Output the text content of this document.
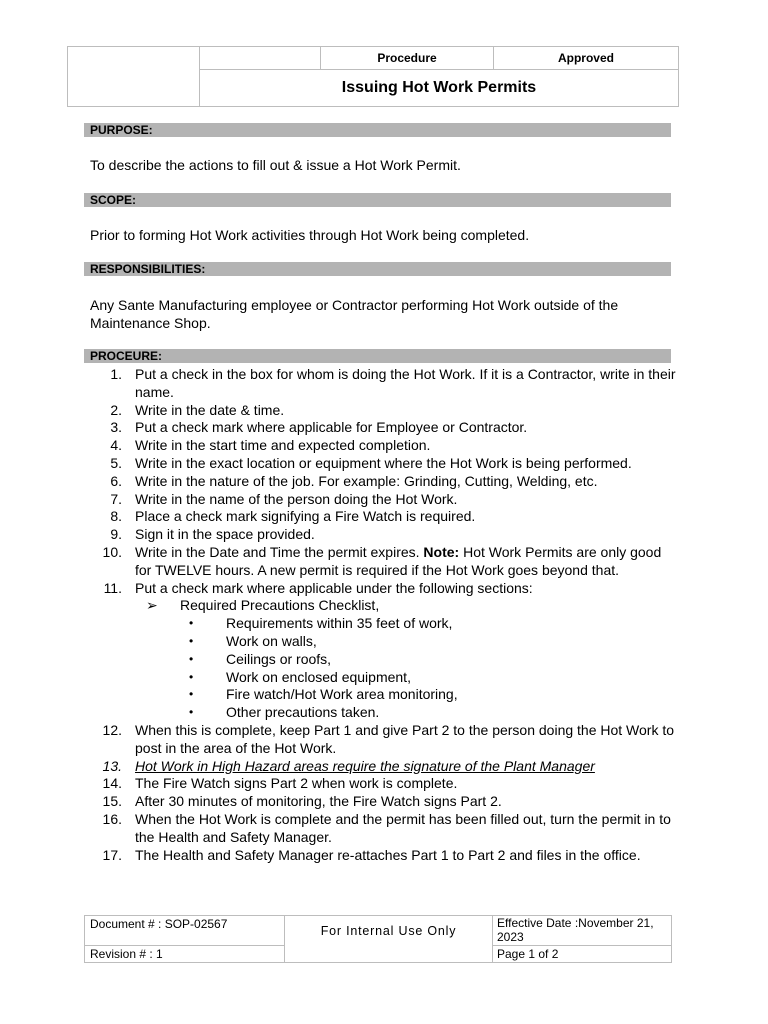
Procedure	Approved
Issuing Hot Work Permits
PURPOSE:
To describe the actions to fill out & issue a Hot Work Permit.
SCOPE:
Prior to forming Hot Work activities through Hot Work being completed.
RESPONSIBILITIES:
Any Sante Manufacturing employee or Contractor performing Hot Work outside of the Maintenance Shop.
PROCEURE:
1. Put a check in the box for whom is doing the Hot Work. If it is a Contractor, write in their name.
2. Write in the date & time.
3. Put a check mark where applicable for Employee or Contractor.
4. Write in the start time and expected completion.
5. Write in the exact location or equipment where the Hot Work is being performed.
6. Write in the nature of the job. For example: Grinding, Cutting, Welding, etc.
7. Write in the name of the person doing the Hot Work.
8. Place a check mark signifying a Fire Watch is required.
9. Sign it in the space provided.
10. Write in the Date and Time the permit expires. Note: Hot Work Permits are only good for TWELVE hours. A new permit is required if the Hot Work goes beyond that.
11. Put a check mark where applicable under the following sections:
➢ Required Precautions Checklist,
• Requirements within 35 feet of work,
• Work on walls,
• Ceilings or roofs,
• Work on enclosed equipment,
• Fire watch/Hot Work area monitoring,
• Other precautions taken.
12. When this is complete, keep Part 1 and give Part 2 to the person doing the Hot Work to post in the area of the Hot Work.
13. Hot Work in High Hazard areas require the signature of the Plant Manager
14. The Fire Watch signs Part 2 when work is complete.
15. After 30 minutes of monitoring, the Fire Watch signs Part 2.
16. When the Hot Work is complete and the permit has been filled out, turn the permit in to the Health and Safety Manager.
17. The Health and Safety Manager re-attaches Part 1 to Part 2 and files in the office.
Document # : SOP-02567
Revision # : 1
For Internal Use Only
Effective Date :November 21, 2023
Page 1 of 2
